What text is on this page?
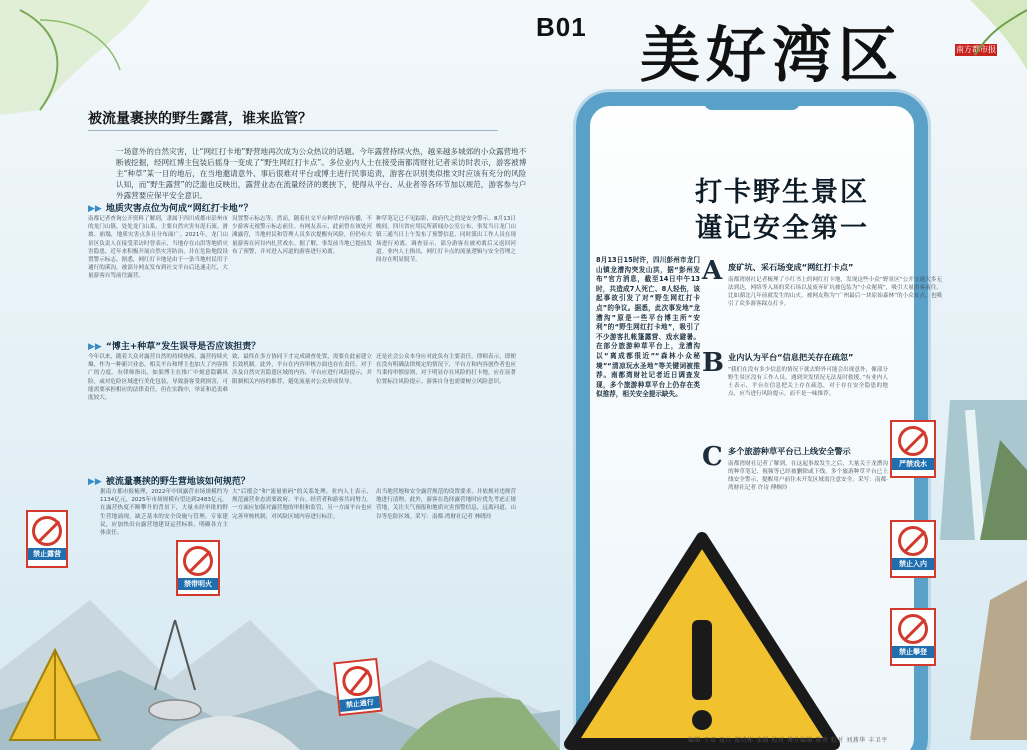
B01 美好湾区	南方都市报
被流量裹挟的野生露营，谁来监管？
一场意外的自然灾害，让“网红打卡地”野营地再次成为公众热议的话题。今年露营持续火热，越来越多城郊的小众露营地不断被挖掘，经网红博主包装后摇身一变成了“野生网红打卡点”。多位业内人士在接受南都湾财社记者采访时表示，游客被博主“种草”某一目的地后，在当地邀请意外、事后很难对平台或博主进行民事追责，游客在识别类似推文时应该有充分的风险认知，而“野生露营”的泛滥也反映出，露营业态在流量经济的裹挟下，使得从平台、从业者等各环节加以规范，游客参与户外露营要应保平安全意识。
▶▶ 地质灾害点位为何成“网红打卡地”？
南都记者查询公开资料了解到，隶属于四川成都市彭州市的龙门山镇，处处龙门山系，主要自然灾害有泥石流、滑坡、崩塌，地质灾害点多且分布面广。2021年，龙门山景区负责人在接受采访时曾表示，当地存在山洪等地质灾害隐患，近年来积极开展自然灾害防治，并在危险地段设置警示标志。据悉，网红打卡地是由于一条当地村民用于通行的溪沟，被部分网友发布到社交平台后迅速走红，大量游客自驾前往露营。
设置警示标志等。然而，随着社交平台种草内容传播，不少游客无视警示标志前往。有网友表示，此前曾在该处河滩露营，当地村民和管理人员多次提醒有风险，但仍有大量游客在河谷内扎营戏水。据了解，事发前当地已提前发布了预警，并对进入河道的游客进行劝离。
种草笔记已不见踪影，政府代之的是安全警示。8月13日晚间，四川省应用民所新闻办公室公布，事发当日龙门山镇三通当日上午发布了预警信息，同时派出工作人员在现场进行劝离。调查显示，部分游客在被劝离后又返回河道。业内人士指出，网红打卡点的流量逻辑与安全管理之间存在明显脱节。
▶▶ “博主+种草”发生误导是否应该担责？
今年以来，随着大众对露营自然的持续热捧，露营持续火爆，作为一种新兴业态，相关平台和博主也加大了内容推广的力度。有律师指出，如果博主在推广中刻意隐瞒风险，或对危险区域进行美化包装，导致游客受到损害，可能需要承担相应的法律责任。但在实践中，举证和追责难度较大。
致，最终在多方协同下才完成调查处置，需要在此前建立长效机制。此外，平台在内容审核方面也存在责任。对于涉及自然灾害隐患区域的内容，平台应进行风险提示，并限制相关内容的推荐，避免流量对公众形成误导。
还是社会公众本身应对此负有主要责任。律师表示，即便在没有明确法律规定的情况下，平台方和内容创作者也应当秉持审慎原则，对于明显存在风险的打卡地，应在显著位置标注风险提示。游客自身也需要树立风险意识。
▶▶ 被流量裹挟的野生营地该如何规范？
据南方都市报梳理，2022年中国露营市场规模约为1134亿元，2025年市场规模有望达到2483亿元。在露营热度不断攀升的背景下，大量未经审批的野生营地涌现，缺乏基本的安全设施与管理。专家建议，应加快出台露营地建设运营标准，明确各方主体责任。
大“后援会”和“流量密码”的关系处理。业内人士表示，规范露营业态需要政府、平台、经营者和游客共同努力。一方面应加强对露营地的审批和监管，另一方面平台也应完善审核机制，对风险区域内容进行标注。
出当地营地和安全露营规范的设置要求，并依规对违规营地进行清理。此外，游客在选择露营地时应优先考虑正规营地，关注天气预报和地质灾害预警信息，远离河道、山谷等危险区域。采写：南都·湾财社记者 林晓玲
禁止露营
禁带明火
禁止通行
打卡野生景区
谨记安全第一
8月13日15时许，四川彭州市龙门山镇龙漕沟突发山洪，据“彭州发布”官方消息，截至14日中午13时，共造成7人死亡、8人轻伤，该起事故引发了对“野生网红打卡点”的争议。据悉，此次事发地“龙漕沟”原是一些平台博主所“安利”的“野生网红打卡地”，吸引了不少游客扎帐篷露营、戏水避暑。在部分旅游种草平台上，龙漕沟以“离成都很近”“森林小众秘境”“清凉玩水圣地”等关键词被推荐。南都湾财社记者近日调查发现，多个旅游种草平台上仍存在类似推荐，相关安全提示缺失。
A 废矿坑、采石场变成“网红打卡点”
南都湾财社记者梳理了小红书上的网红打卡地，发现这些小众“野景区”公开交通大多无法到达，网络等入场的采石场以及废弃矿坑被包装为“小众秘境”，吸引大量游客前往。比如湖北几年前就发生的山火，被网友称为“广州最后一块原始森林”的小众景点，也吸引了众多游客踩点打卡。
B 业内认为平台“信息把关存在疏忽”
“我们在没有多少信息的情况下就去野外可能会出现意外，像部分野生景区没有工作人员，遇到突发情况无法及时救援。”有业内人士表示，平台在信息把关上存在疏忽，对于存在安全隐患的地点，应当进行风险提示，而不是一味推荐。
C 多个旅游种草平台已上线安全警示
南都湾财社记者了解到，在这起事故发生之后，大量关于龙漕沟的种草笔记、视频等已经被删除或下线。多个旅游种草平台已上线安全警示，提醒用户前往未开发区域需注意安全。采写：南都·湾财社记者 许诗 傅婉玲
严禁戏水
禁止入内
禁止攀登
编辑 王双 设计 郑诗彬 张圆 校对 傅升编辑 陈奇 校对 刘燕华 丰卫平
